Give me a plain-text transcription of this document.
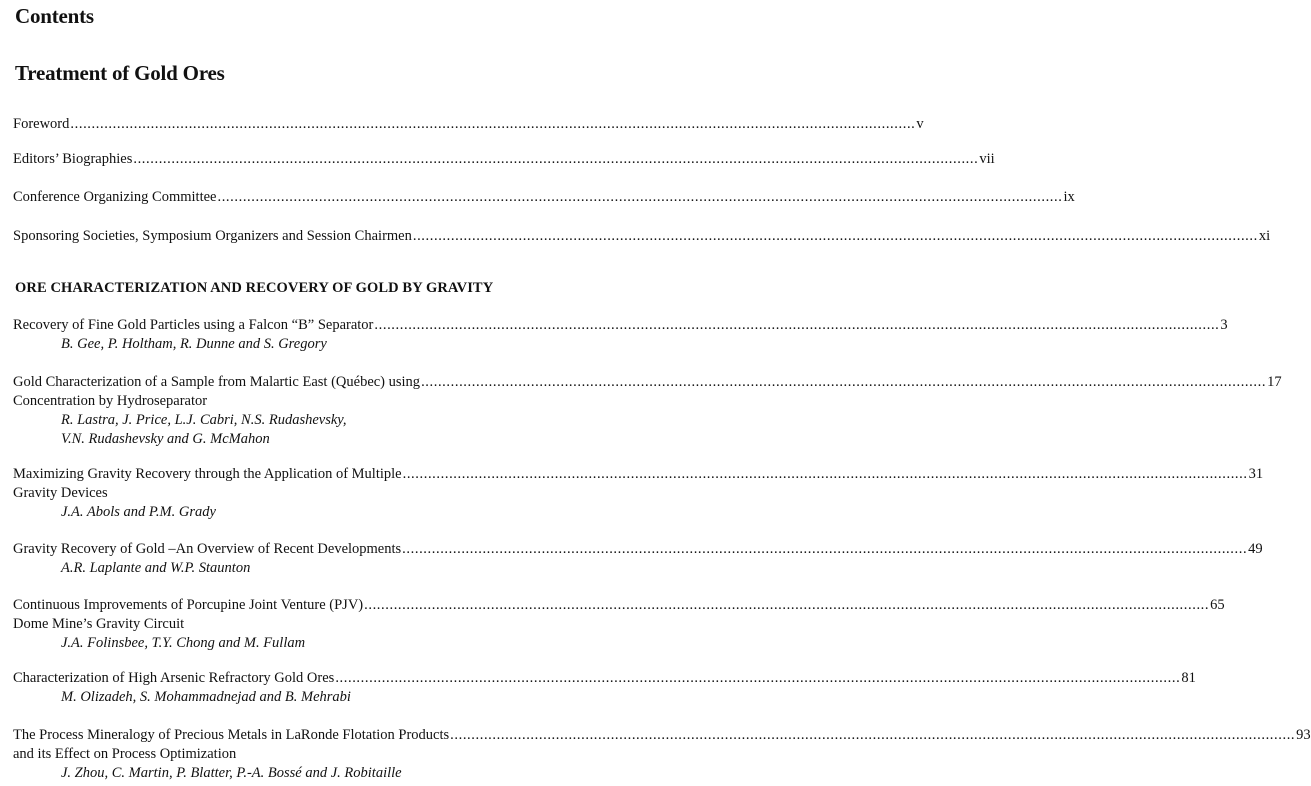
Contents
Treatment of Gold Ores
Foreword ........................................................................................................................................................................................................ v
Editors’ Biographies ........................................................................................................................................................................................................ vii
Conference Organizing Committee ........................................................................................................................................................................................................ ix
Sponsoring Societies, Symposium Organizers and Session Chairmen ........................................................................................................................................................................................................ xi
ORE CHARACTERIZATION AND RECOVERY OF GOLD BY GRAVITY
Recovery of Fine Gold Particles using a Falcon “B” Separator ........................................................................................................................................................................................................ 3
B. Gee, P. Holtham, R. Dunne and S. Gregory
Gold Characterization of a Sample from Malartic East (Québec) using ........................................................................................................................................................................................................ 17
Concentration by Hydroseparator
R. Lastra, J. Price, L.J. Cabri, N.S. Rudashevsky,
V.N. Rudashevsky and G. McMahon
Maximizing Gravity Recovery through the Application of Multiple ........................................................................................................................................................................................................ 31
Gravity Devices
J.A. Abols and P.M. Grady
Gravity Recovery of Gold –An Overview of Recent Developments ........................................................................................................................................................................................................ 49
A.R. Laplante and W.P. Staunton
Continuous Improvements of Porcupine Joint Venture (PJV) ........................................................................................................................................................................................................ 65
Dome Mine’s Gravity Circuit
J.A. Folinsbee, T.Y. Chong and M. Fullam
Characterization of High Arsenic Refractory Gold Ores ........................................................................................................................................................................................................ 81
M. Olizadeh, S. Mohammadnejad and B. Mehrabi
The Process Mineralogy of Precious Metals in LaRonde Flotation Products ........................................................................................................................................................................................................ 93
and its Effect on Process Optimization
J. Zhou, C. Martin, P. Blatter, P.-A. Bossé and J. Robitaille
